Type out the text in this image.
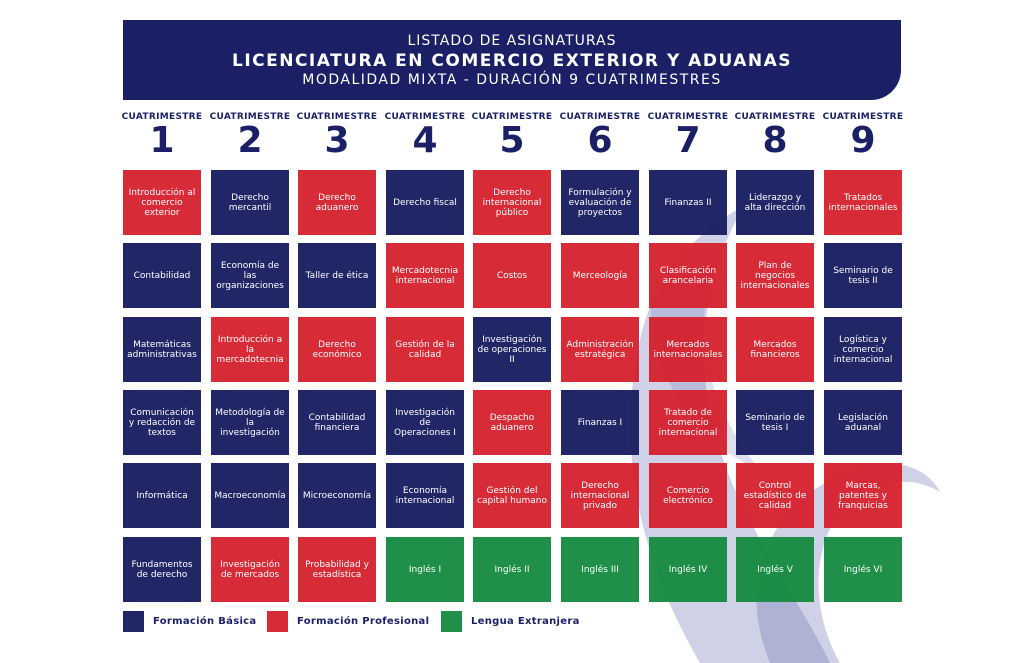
LISTADO DE ASIGNATURAS
LICENCIATURA EN COMERCIO EXTERIOR Y ADUANAS
MODALIDAD MIXTA - DURACIÓN 9 CUATRIMESTRES
CUATRIMESTRE
1
Introducción al comercio exterior
Contabilidad
Matemáticas administrativas
Comunicación y redacción de textos
Informática
Fundamentos de derecho
CUATRIMESTRE
2
Derecho mercantil
Economía de las organizaciones
Introducción a la mercadotecnia
Metodología de la investigación
Macroeconomía
Investigación de mercados
CUATRIMESTRE
3
Derecho aduanero
Taller de ética
Derecho económico
Contabilidad financiera
Microeconomía
Probabilidad y estadística
CUATRIMESTRE
4
Derecho fiscal
Mercadotecnia internacional
Gestión de la calidad
Investigación de Operaciones I
Economía internacional
Inglés I
CUATRIMESTRE
5
Derecho internacional público
Costos
Investigación de operaciones II
Despacho aduanero
Gestión del capital humano
Inglés II
CUATRIMESTRE
6
Formulación y evaluación de proyectos
Merceología
Administración estratégica
Finanzas I
Derecho internacional privado
Inglés III
CUATRIMESTRE
7
Finanzas II
Clasificación arancelaria
Mercados internacionales
Tratado de comercio internacional
Comercio electrónico
Inglés IV
CUATRIMESTRE
8
Liderazgo y alta dirección
Plan de negocios internacionales
Mercados financieros
Seminario de tesis I
Control estadístico de calidad
Inglés V
CUATRIMESTRE
9
Tratados internacionales
Seminario de tesis II
Logística y comercio internacional
Legislación aduanal
Marcas, patentes y franquicias
Inglés VI
Formación Básica	Formación Profesional	Lengua Extranjera
